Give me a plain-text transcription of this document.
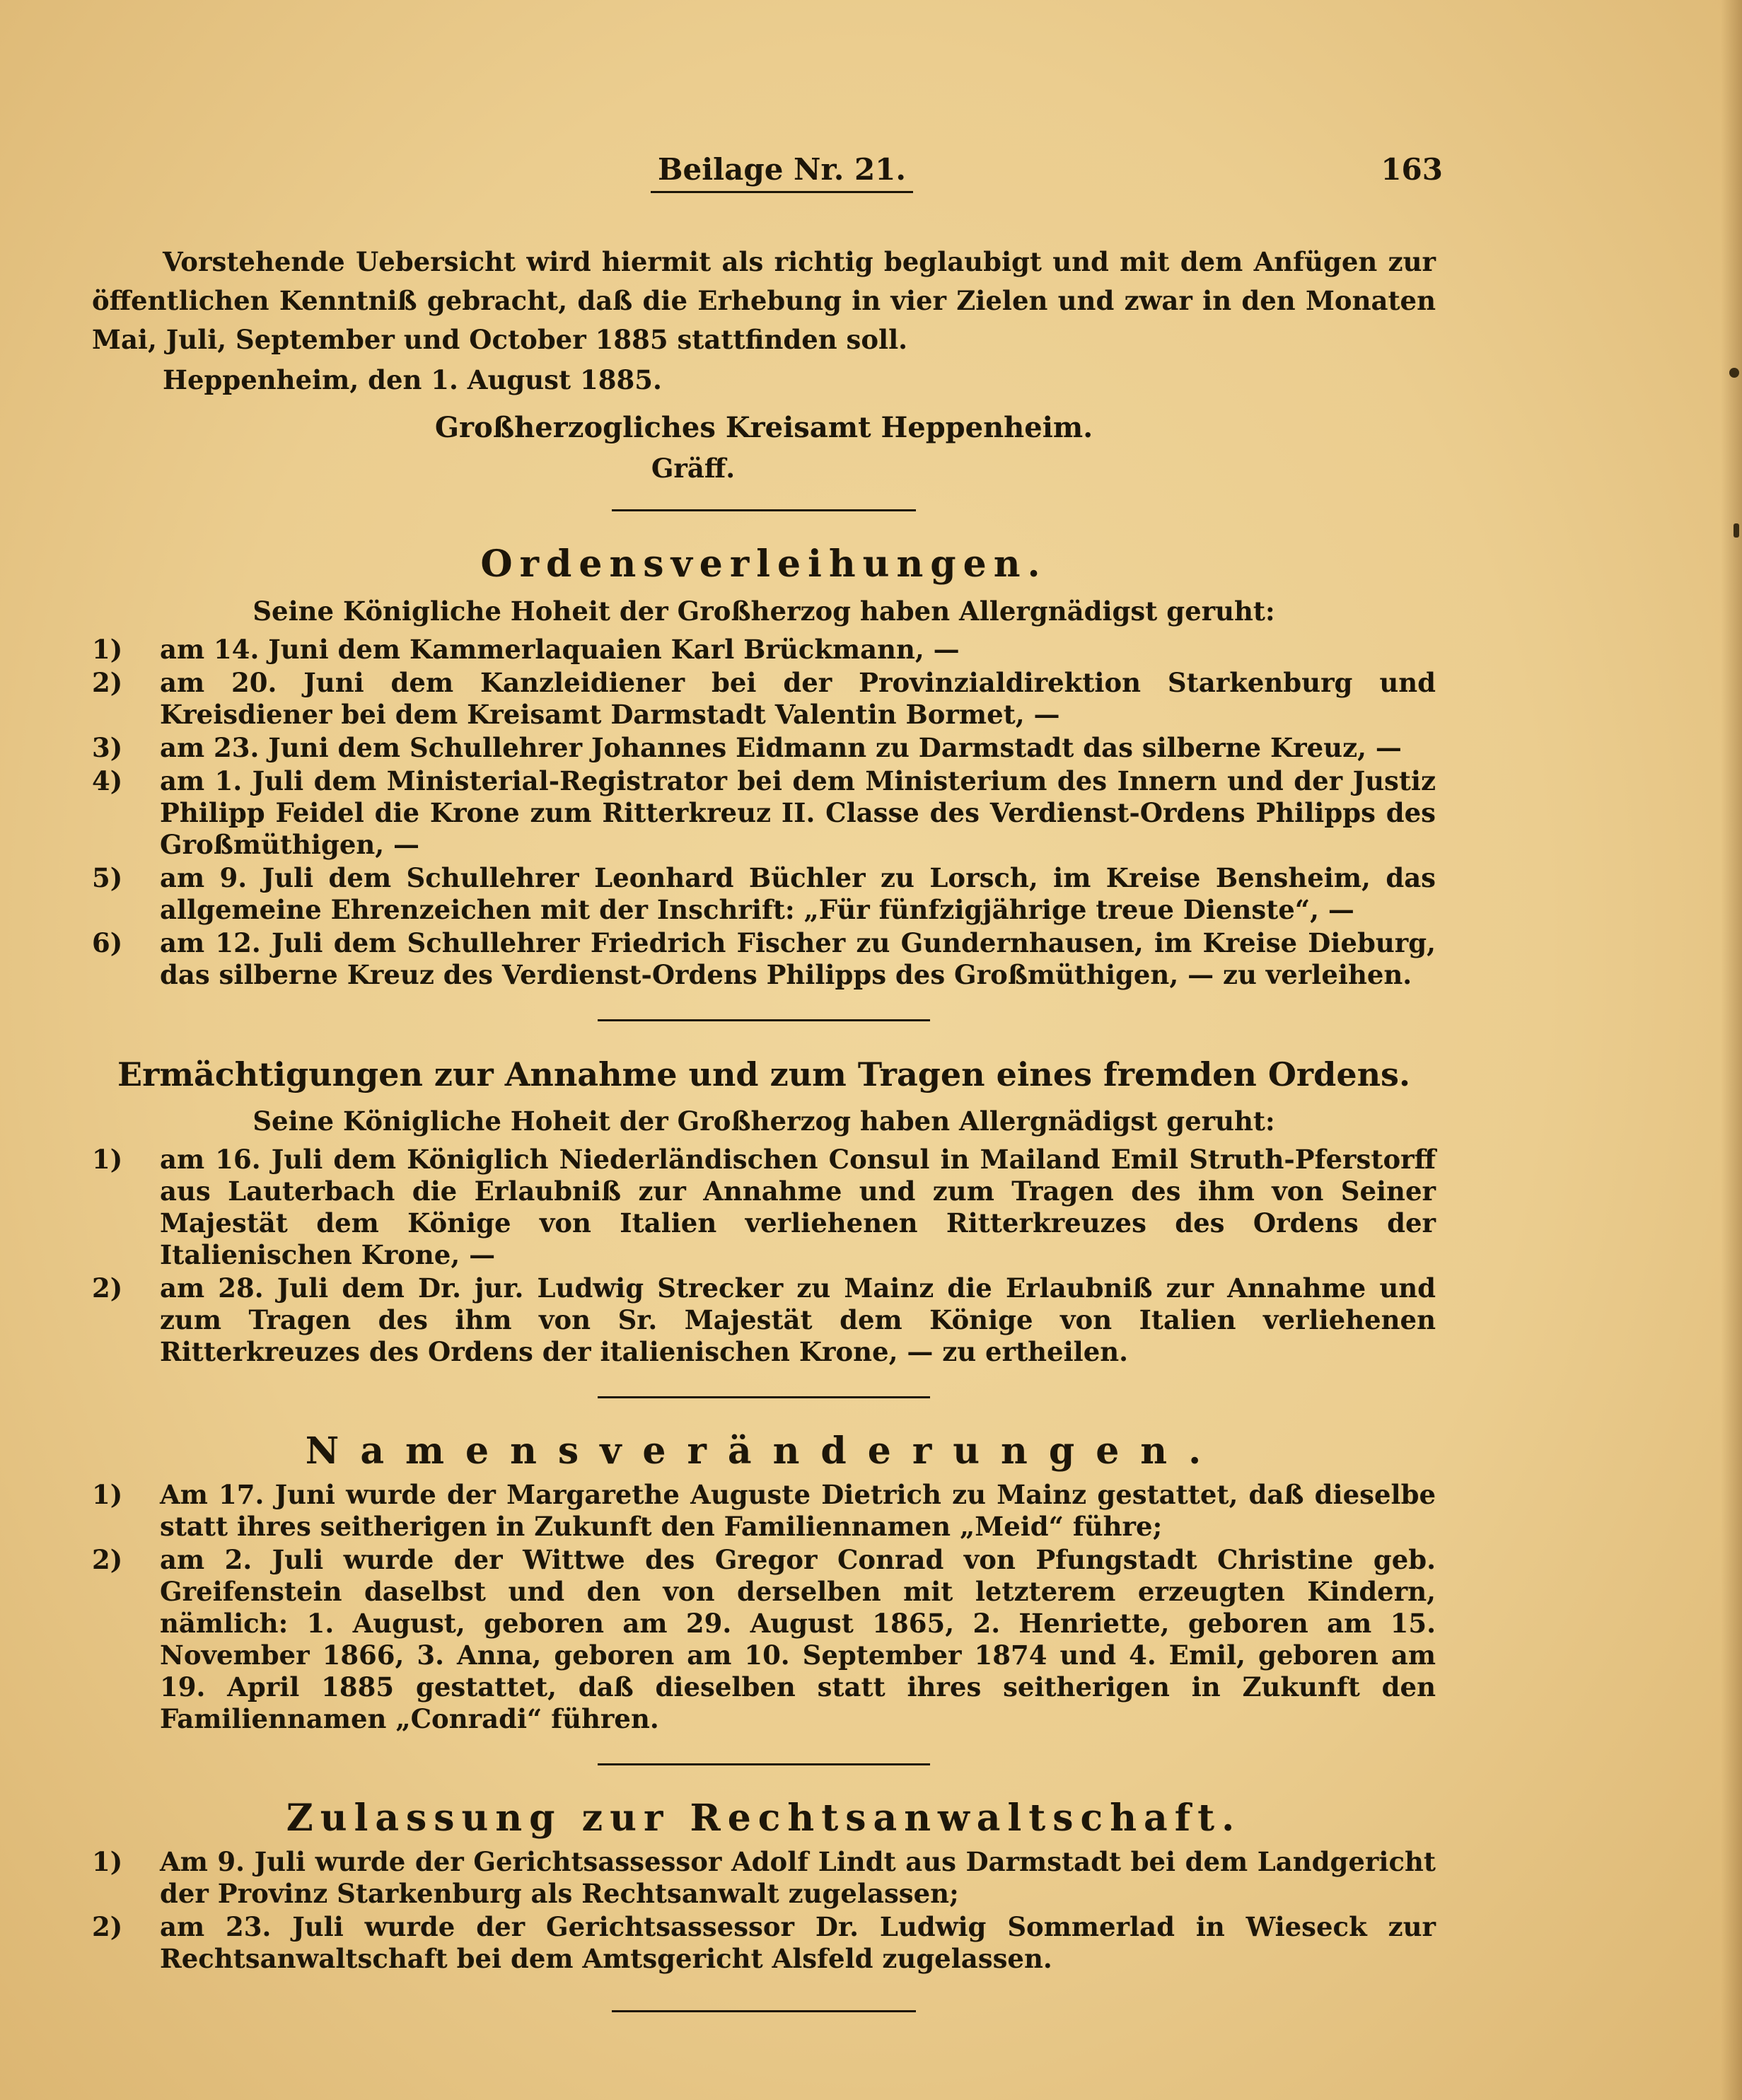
Beilage Nr. 21.	163

Vorstehende Uebersicht wird hiermit als richtig beglaubigt und mit dem Anfügen zur öffentlichen Kenntniß gebracht, daß die Erhebung in vier Zielen und zwar in den Monaten Mai, Juli, September und October 1885 stattfinden soll.

Heppenheim, den 1. August 1885.

Großherzogliches Kreisamt Heppenheim.

Gräff.

Ordensverleihungen.
Seine Königliche Hoheit der Großherzog haben Allergnädigst geruht:
1) am 14. Juni dem Kammerlaquaien Karl Brückmann, —
2) am 20. Juni dem Kanzleidiener bei der Provinzialdirektion Starkenburg und Kreisdiener bei dem Kreisamt Darmstadt Valentin Bormet, —
3) am 23. Juni dem Schullehrer Johannes Eidmann zu Darmstadt das silberne Kreuz, —
4) am 1. Juli dem Ministerial-Registrator bei dem Ministerium des Innern und der Justiz Philipp Feidel die Krone zum Ritterkreuz II. Classe des Verdienst-Ordens Philipps des Großmüthigen, —
5) am 9. Juli dem Schullehrer Leonhard Büchler zu Lorsch, im Kreise Bensheim, das allgemeine Ehrenzeichen mit der Inschrift: „Für fünfzigjährige treue Dienste“, —
6) am 12. Juli dem Schullehrer Friedrich Fischer zu Gundernhausen, im Kreise Dieburg, das silberne Kreuz des Verdienst-Ordens Philipps des Großmüthigen, — zu verleihen.
Ermächtigungen zur Annahme und zum Tragen eines fremden Ordens.
Seine Königliche Hoheit der Großherzog haben Allergnädigst geruht:
1) am 16. Juli dem Königlich Niederländischen Consul in Mailand Emil Struth-Pferstorff aus Lauterbach die Erlaubniß zur Annahme und zum Tragen des ihm von Seiner Majestät dem Könige von Italien verliehenen Ritterkreuzes des Ordens der Italienischen Krone, —
2) am 28. Juli dem Dr. jur. Ludwig Strecker zu Mainz die Erlaubniß zur Annahme und zum Tragen des ihm von Sr. Majestät dem Könige von Italien verliehenen Ritterkreuzes des Ordens der italienischen Krone, — zu ertheilen.
Namensveränderungen.
1) Am 17. Juni wurde der Margarethe Auguste Dietrich zu Mainz gestattet, daß dieselbe statt ihres seitherigen in Zukunft den Familiennamen „Meid“ führe;
2) am 2. Juli wurde der Wittwe des Gregor Conrad von Pfungstadt Christine geb. Greifenstein daselbst und den von derselben mit letzterem erzeugten Kindern, nämlich: 1. August, geboren am 29. August 1865, 2. Henriette, geboren am 15. November 1866, 3. Anna, geboren am 10. September 1874 und 4. Emil, geboren am 19. April 1885 gestattet, daß dieselben statt ihres seitherigen in Zukunft den Familiennamen „Conradi“ führen.
Zulassung zur Rechtsanwaltschaft.
1) Am 9. Juli wurde der Gerichtsassessor Adolf Lindt aus Darmstadt bei dem Landgericht der Provinz Starkenburg als Rechtsanwalt zugelassen;
2) am 23. Juli wurde der Gerichtsassessor Dr. Ludwig Sommerlad in Wieseck zur Rechtsanwaltschaft bei dem Amtsgericht Alsfeld zugelassen.
